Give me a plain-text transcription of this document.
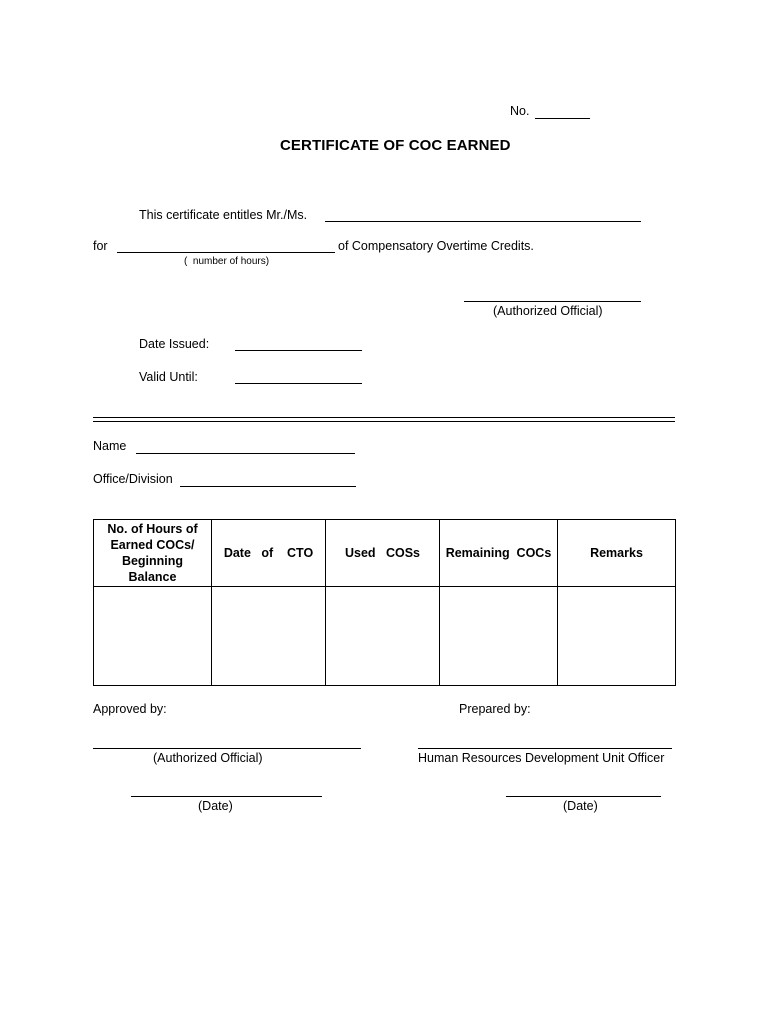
No.
CERTIFICATE OF COC EARNED
This certificate entitles Mr./Ms.
for	of Compensatory Overtime Credits.
( number of hours)
(Authorized Official)
Date Issued:
Valid Until:
Name
Office/Division
No. of Hours of
Earned COCs/
Beginning
Balance	Date   of    CTO	Used   COSs	Remaining  COCs	Remarks

Approved by:	Prepared by:
(Authorized Official)	Human Resources Development Unit Officer
(Date)	(Date)
